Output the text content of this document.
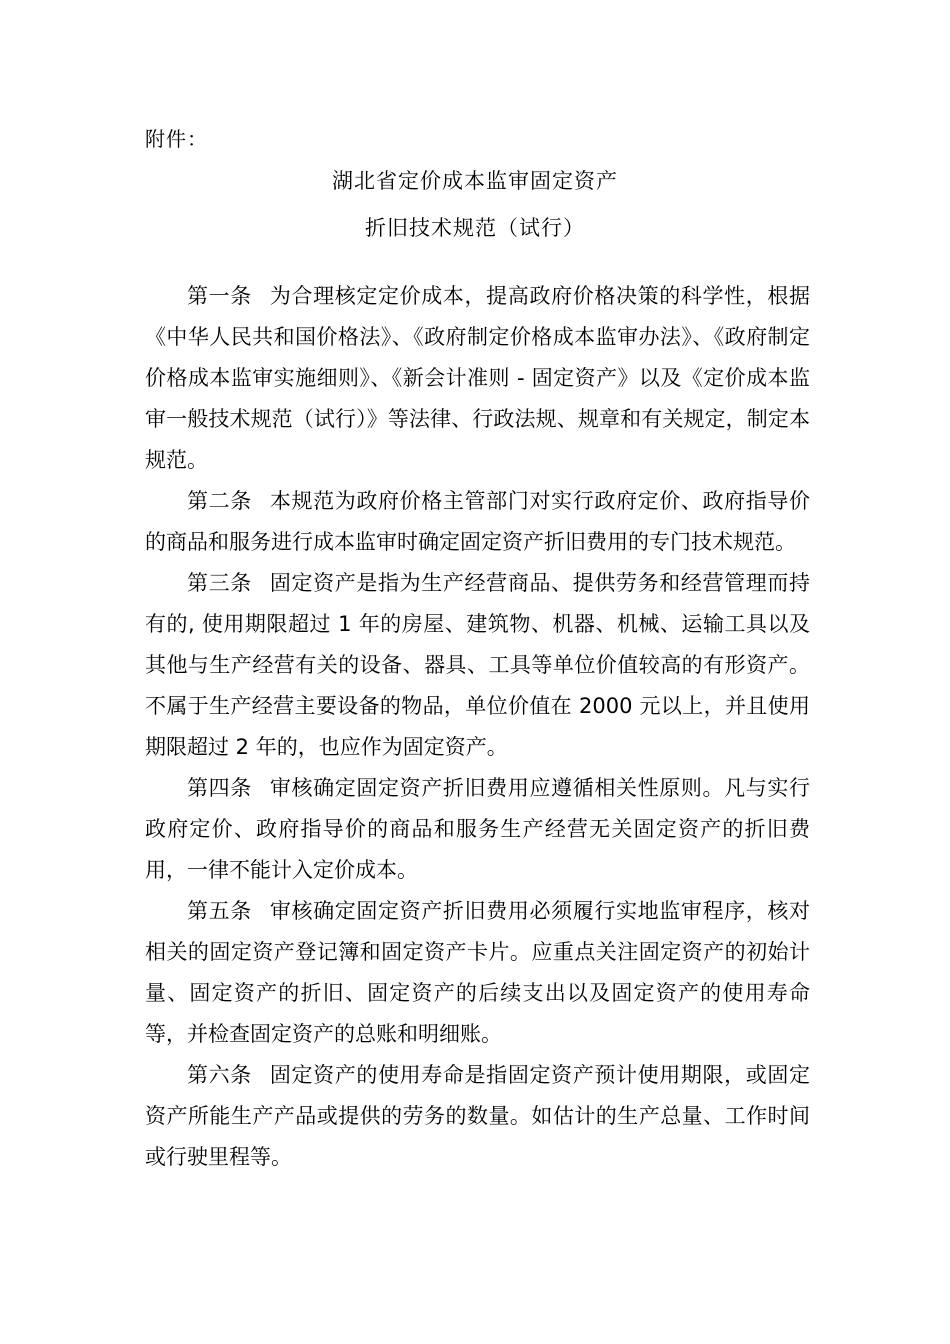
附件：
湖北省定价成本监审固定资产
折旧技术规范（试行）

第一条 为合理核定定价成本，提高政府价格决策的科学性，根据《中华人民共和国价格法》、《政府制定价格成本监审办法》、《政府制定价格成本监审实施细则》、《新会计准则 - 固定资产》以及《定价成本监审一般技术规范（试行）》等法律、行政法规、规章和有关规定，制定本规范。

第二条 本规范为政府价格主管部门对实行政府定价、政府指导价的商品和服务进行成本监审时确定固定资产折旧费用的专门技术规范。

第三条 固定资产是指为生产经营商品、提供劳务和经营管理而持有的, 使用期限超过 1 年的房屋、建筑物、机器、机械、运输工具以及其他与生产经营有关的设备、器具、工具等单位价值较高的有形资产。不属于生产经营主要设备的物品，单位价值在 2000 元以上，并且使用期限超过 2 年的，也应作为固定资产。

第四条 审核确定固定资产折旧费用应遵循相关性原则。凡与实行政府定价、政府指导价的商品和服务生产经营无关固定资产的折旧费用，一律不能计入定价成本。

第五条 审核确定固定资产折旧费用必须履行实地监审程序，核对相关的固定资产登记簿和固定资产卡片。应重点关注固定资产的初始计量、固定资产的折旧、固定资产的后续支出以及固定资产的使用寿命等，并检查固定资产的总账和明细账。

第六条 固定资产的使用寿命是指固定资产预计使用期限，或固定资产所能生产产品或提供的劳务的数量。如估计的生产总量、工作时间或行驶里程等。
